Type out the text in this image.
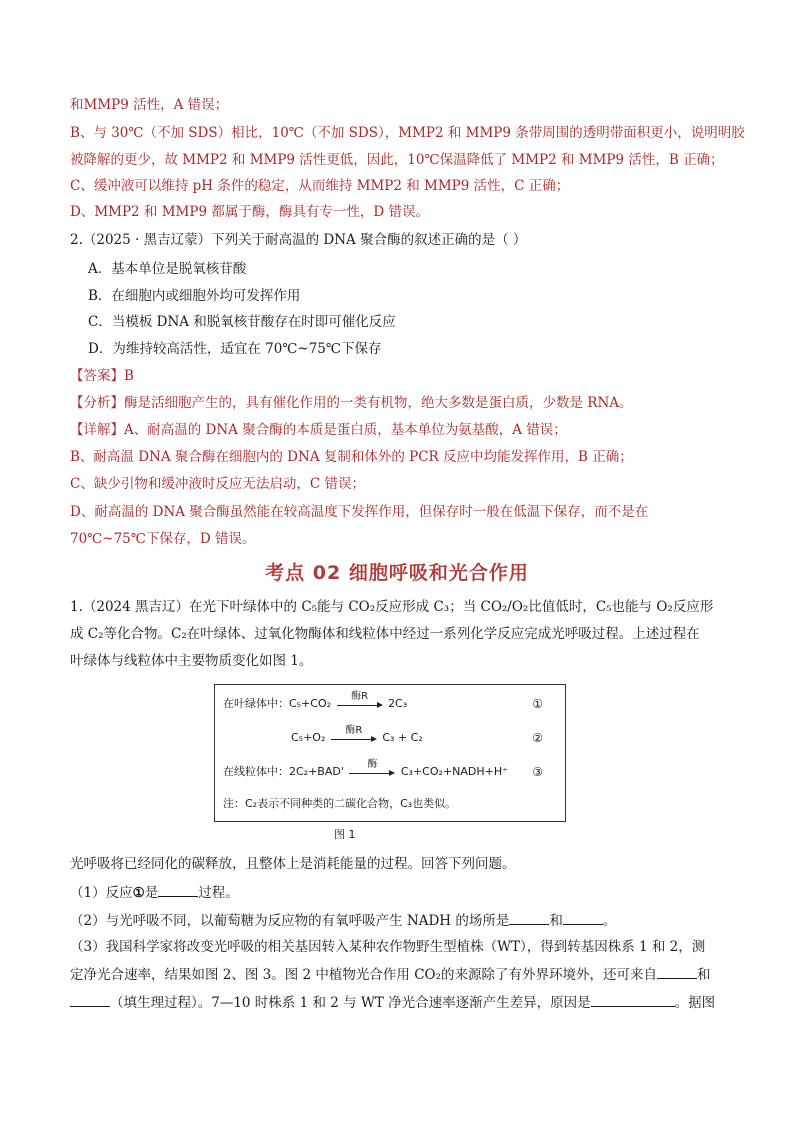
和MMP9 活性，A 错误；
B、与 30℃（不加 SDS）相比，10℃（不加 SDS），MMP2 和 MMP9 条带周围的透明带面积更小，说明明胶
被降解的更少，故 MMP2 和 MMP9 活性更低，因此，10℃保温降低了 MMP2 和 MMP9 活性，B 正确；
C、缓冲液可以维持 pH 条件的稳定，从而维持 MMP2 和 MMP9 活性，C 正确；
D、MMP2 和 MMP9 都属于酶，酶具有专一性，D 错误。
2.（2025 · 黑吉辽蒙）下列关于耐高温的 DNA 聚合酶的叙述正确的是（ ）
A．基本单位是脱氧核苷酸
B．在细胞内或细胞外均可发挥作用
C．当模板 DNA 和脱氧核苷酸存在时即可催化反应
D．为维持较高活性，适宜在 70℃~75℃下保存
【答案】B
【分析】酶是活细胞产生的，具有催化作用的一类有机物，绝大多数是蛋白质，少数是 RNA。
【详解】A、耐高温的 DNA 聚合酶的本质是蛋白质，基本单位为氨基酸，A 错误；
B、耐高温 DNA 聚合酶在细胞内的 DNA 复制和体外的 PCR 反应中均能发挥作用，B 正确；
C、缺少引物和缓冲液时反应无法启动，C 错误；
D、耐高温的 DNA 聚合酶虽然能在较高温度下发挥作用，但保存时一般在低温下保存，而不是在
70℃~75℃下保存，D 错误。
考点 02 细胞呼吸和光合作用
1.（2024 黑吉辽）在光下叶绿体中的 C₅能与 CO₂反应形成 C₃；当 CO₂/O₂比值低时，C₅也能与 O₂反应形
成 C₂等化合物。C₂在叶绿体、过氧化物酶体和线粒体中经过一系列化学反应完成光呼吸过程。上述过程在
叶绿体与线粒体中主要物质变化如图 1。
在叶绿体中：C₅+CO₂
酶R
2C₃	①
C₅+O₂
酶R
C₃ + C₂	②
在线粒体中：2C₂+BAD'
酶
C₃+CO₂+NADH+H⁺ ③
注：C₂表示不同种类的二碳化合物，C₃也类似。
图 1
光呼吸将已经同化的碳释放，且整体上是消耗能量的过程。回答下列问题。
（1）反应①是	过程。
（2）与光呼吸不同，以葡萄糖为反应物的有氧呼吸产生 NADH 的场所是	和	。
（3）我国科学家将改变光呼吸的相关基因转入某种农作物野生型植株（WT），得到转基因株系 1 和 2，测
定净光合速率，结果如图 2、图 3。图 2 中植物光合作用 CO₂的来源除了有外界环境外，还可来自	和
（填生理过程）。7—10 时株系 1 和 2 与 WT 净光合速率逐渐产生差异，原因是	。据图
